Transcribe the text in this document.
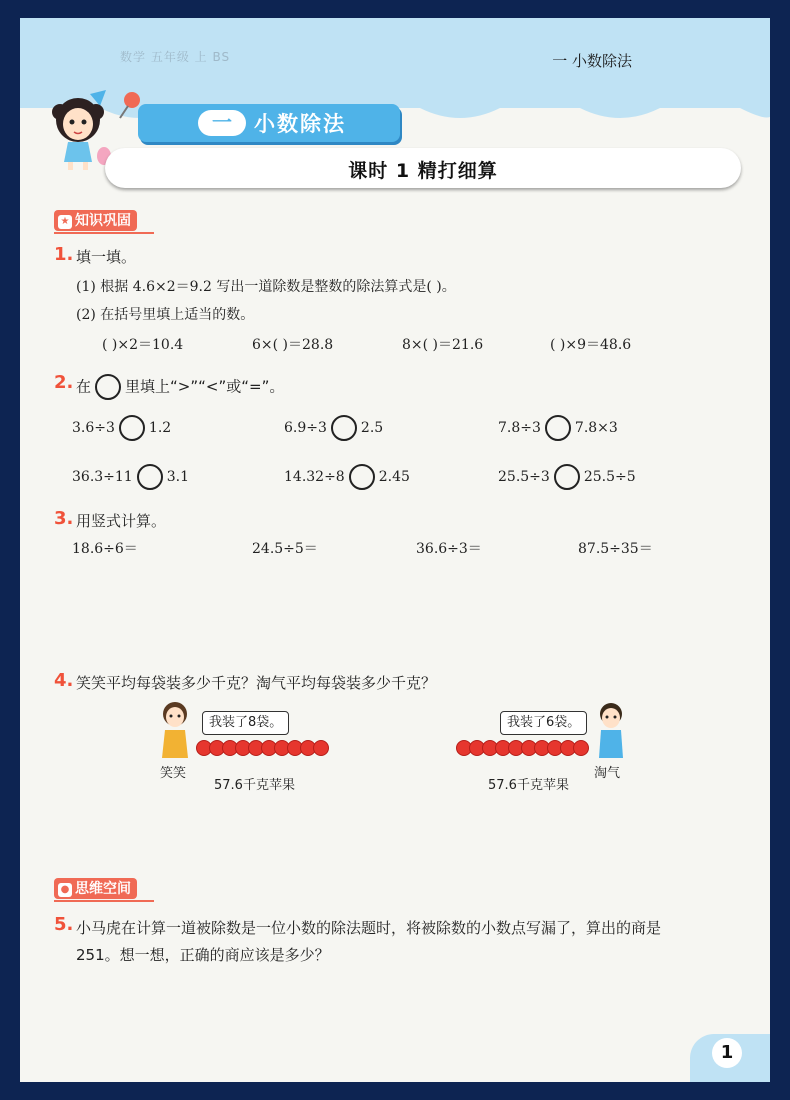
数学 五年级 上 BS	一 小数除法
一	小数除法
课时 1 精打细算
★ 知识巩固
1. 填一填。
(1) 根据 4.6×2＝9.2 写出一道除数是整数的除法算式是( )。
(2) 在括号里填上适当的数。
( )×2＝10.4	6×( )＝28.8	8×( )＝21.6	( )×9＝48.6
2. 在 里填上“>”“<”或“=”。
3.6÷3 1.2	6.9÷3 2.5	7.8÷3 7.8×3
36.3÷11 3.1	14.32÷8 2.45	25.5÷3 25.5÷5
3. 用竖式计算。
18.6÷6＝	24.5÷5＝	36.6÷3＝	87.5÷35＝
4. 笑笑平均每袋装多少千克？淘气平均每袋装多少千克？
我装了8袋。
笑笑
57.6千克苹果
我装了6袋。
淘气
57.6千克苹果
● 思维空间
5. 小马虎在计算一道被除数是一位小数的除法题时，将被除数的小数点写漏了，算出的商是
251。想一想，正确的商应该是多少？
1
